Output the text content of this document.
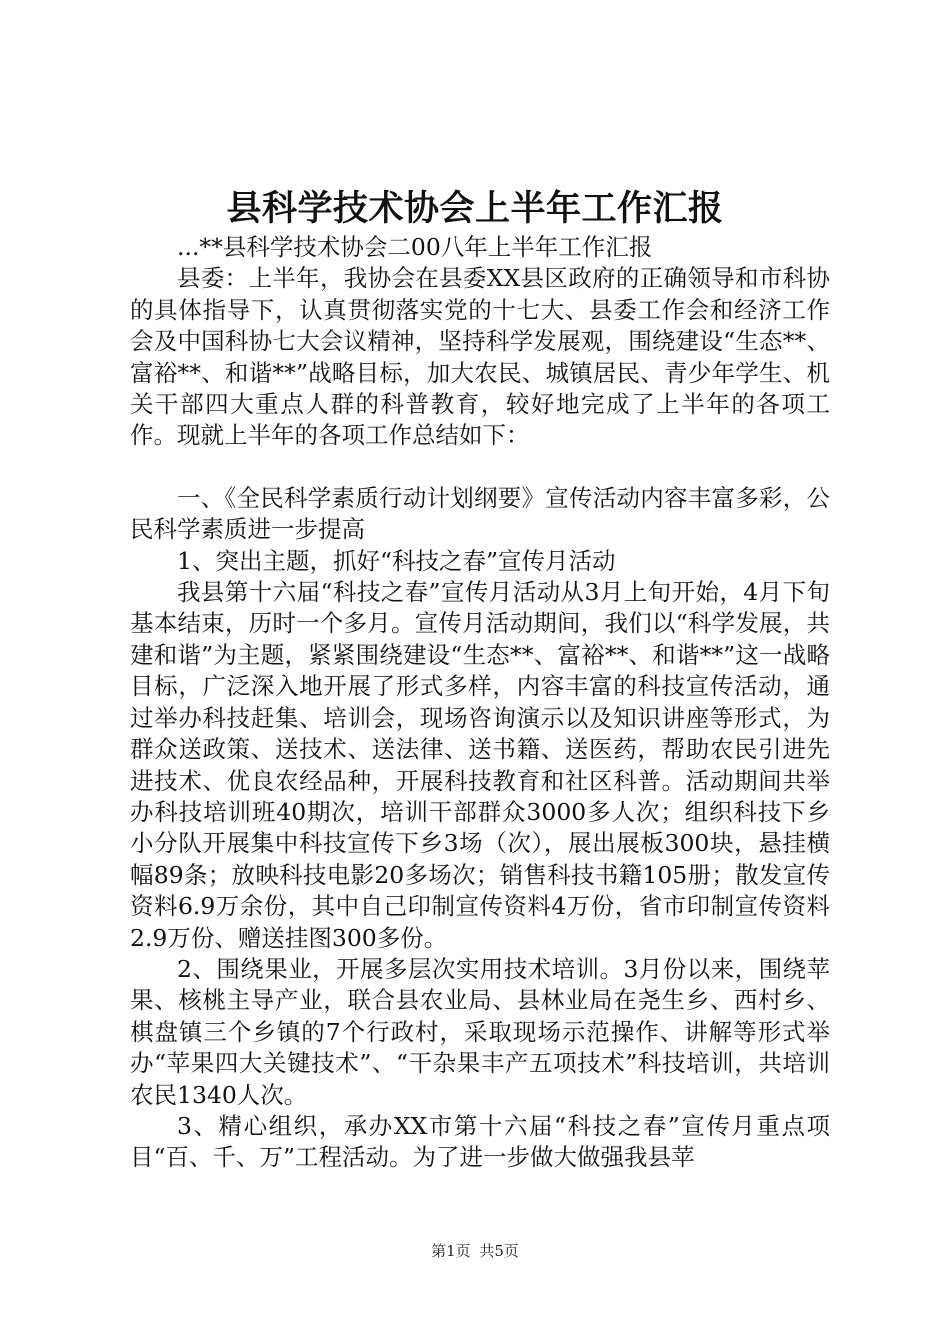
县科学技术协会上半年工作汇报

...**县科学技术协会二00八年上半年工作汇报

县委：上半年，我协会在县委XX县区政府的正确领导和市科协的具体指导下，认真贯彻落实党的十七大、县委工作会和经济工作会及中国科协七大会议精神，坚持科学发展观，围绕建设“生态**、富裕**、和谐**”战略目标，加大农民、城镇居民、青少年学生、机关干部四大重点人群的科普教育，较好地完成了上半年的各项工作。现就上半年的各项工作总结如下：

一、《全民科学素质行动计划纲要》宣传活动内容丰富多彩，公民科学素质进一步提高

1、突出主题，抓好“科技之春”宣传月活动

我县第十六届“科技之春”宣传月活动从3月上旬开始，4月下旬基本结束，历时一个多月。宣传月活动期间，我们以“科学发展，共建和谐”为主题，紧紧围绕建设“生态**、富裕**、和谐**”这一战略目标，广泛深入地开展了形式多样，内容丰富的科技宣传活动，通过举办科技赶集、培训会，现场咨询演示以及知识讲座等形式，为群众送政策、送技术、送法律、送书籍、送医药，帮助农民引进先进技术、优良农经品种，开展科技教育和社区科普。活动期间共举办科技培训班40期次，培训干部群众3000多人次；组织科技下乡小分队开展集中科技宣传下乡3场（次），展出展板300块，悬挂横幅89条；放映科技电影20多场次；销售科技书籍105册；散发宣传资料6.9万余份，其中自己印制宣传资料4万份，省市印制宣传资料2.9万份、赠送挂图300多份。

2、围绕果业，开展多层次实用技术培训。3月份以来，围绕苹果、核桃主导产业，联合县农业局、县林业局在尧生乡、西村乡、棋盘镇三个乡镇的7个行政村，采取现场示范操作、讲解等形式举办“苹果四大关键技术”、“干杂果丰产五项技术”科技培训，共培训农民1340人次。

3、精心组织，承办XX市第十六届“科技之春”宣传月重点项目“百、千、万”工程活动。为了进一步做大做强我县苹

第1页 共5页
